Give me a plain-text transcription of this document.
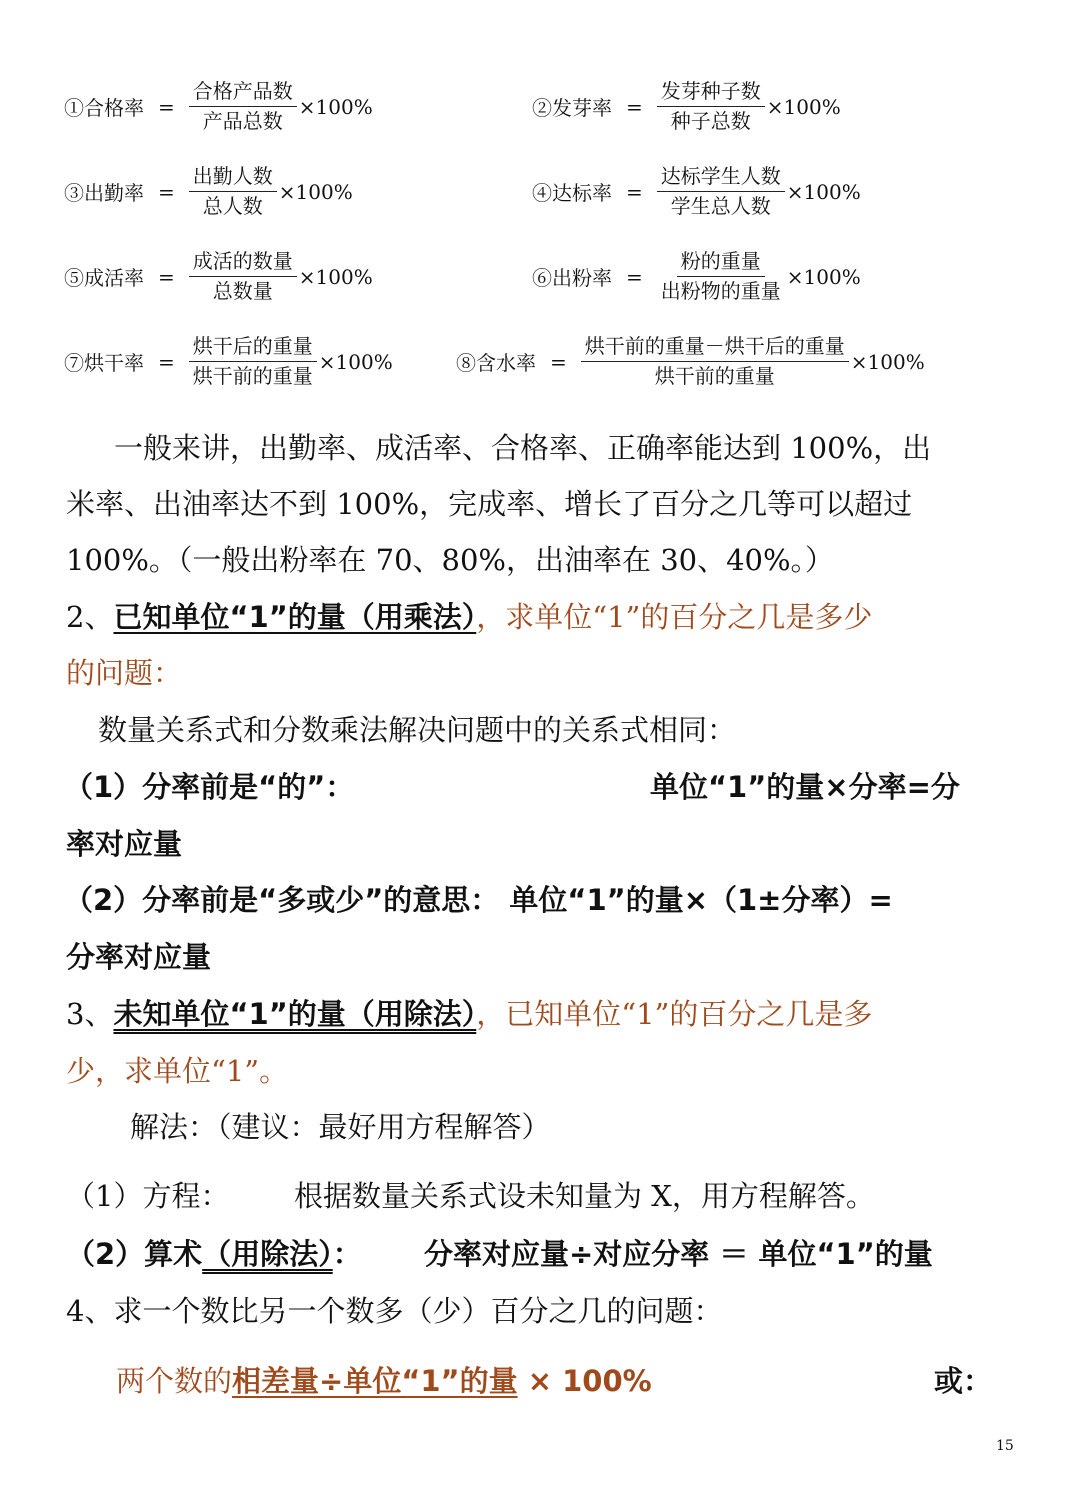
①合格率 = $\frac{\text{合格产品数}}{\text{产品总数}} \times 100\%$	②发芽率 = $\frac{\text{发芽种子数}}{\text{种子总数}} \times 100\%$
③出勤率 = $\frac{\text{出勤人数}}{\text{总人数}} \times 100\%$	④达标率 = $\frac{\text{达标学生人数}}{\text{学生总人数}} \times 100\%$
⑤成活率 = $\frac{\text{成活的数量}}{\text{总数量}} \times 100\%$	⑥出粉率 = $\frac{\text{粉的重量}}{\text{出粉物的重量}} \times 100\%$
⑦烘干率 = $\frac{\text{烘干后的重量}}{\text{烘干前的重量}} \times 100\%$	⑧含水率 = $\frac{\text{烘干前的重量－烘干后的重量}}{\text{烘干前的重量}} \times 100\%$
一般来讲，出勤率、成活率、合格率、正确率能达到 100%，出
米率、出油率达不到 100%，完成率、增长了百分之几等可以超过
100%。（一般出粉率在 70、80%，出油率在 30、40%。）
2、已知单位“1”的量（用乘法），求单位“1”的百分之几是多少
的问题：
数量关系式和分数乘法解决问题中的关系式相同：
（1）分率前是“的”：	单位“1”的量×分率=分
率对应量
（2）分率前是“多或少”的意思： 单位“1”的量×（1±分率）=
分率对应量
3、未知单位“1”的量（用除法），已知单位“1”的百分之几是多
少，求单位“1”。
解法：（建议：最好用方程解答）
（1）方程： 根据数量关系式设未知量为 X，用方程解答。
（2）算术（用除法）： 分率对应量÷对应分率 ＝ 单位“1”的量
4、求一个数比另一个数多（少）百分之几的问题：
两个数的相差量÷单位“1”的量 × 100%	或：
15
